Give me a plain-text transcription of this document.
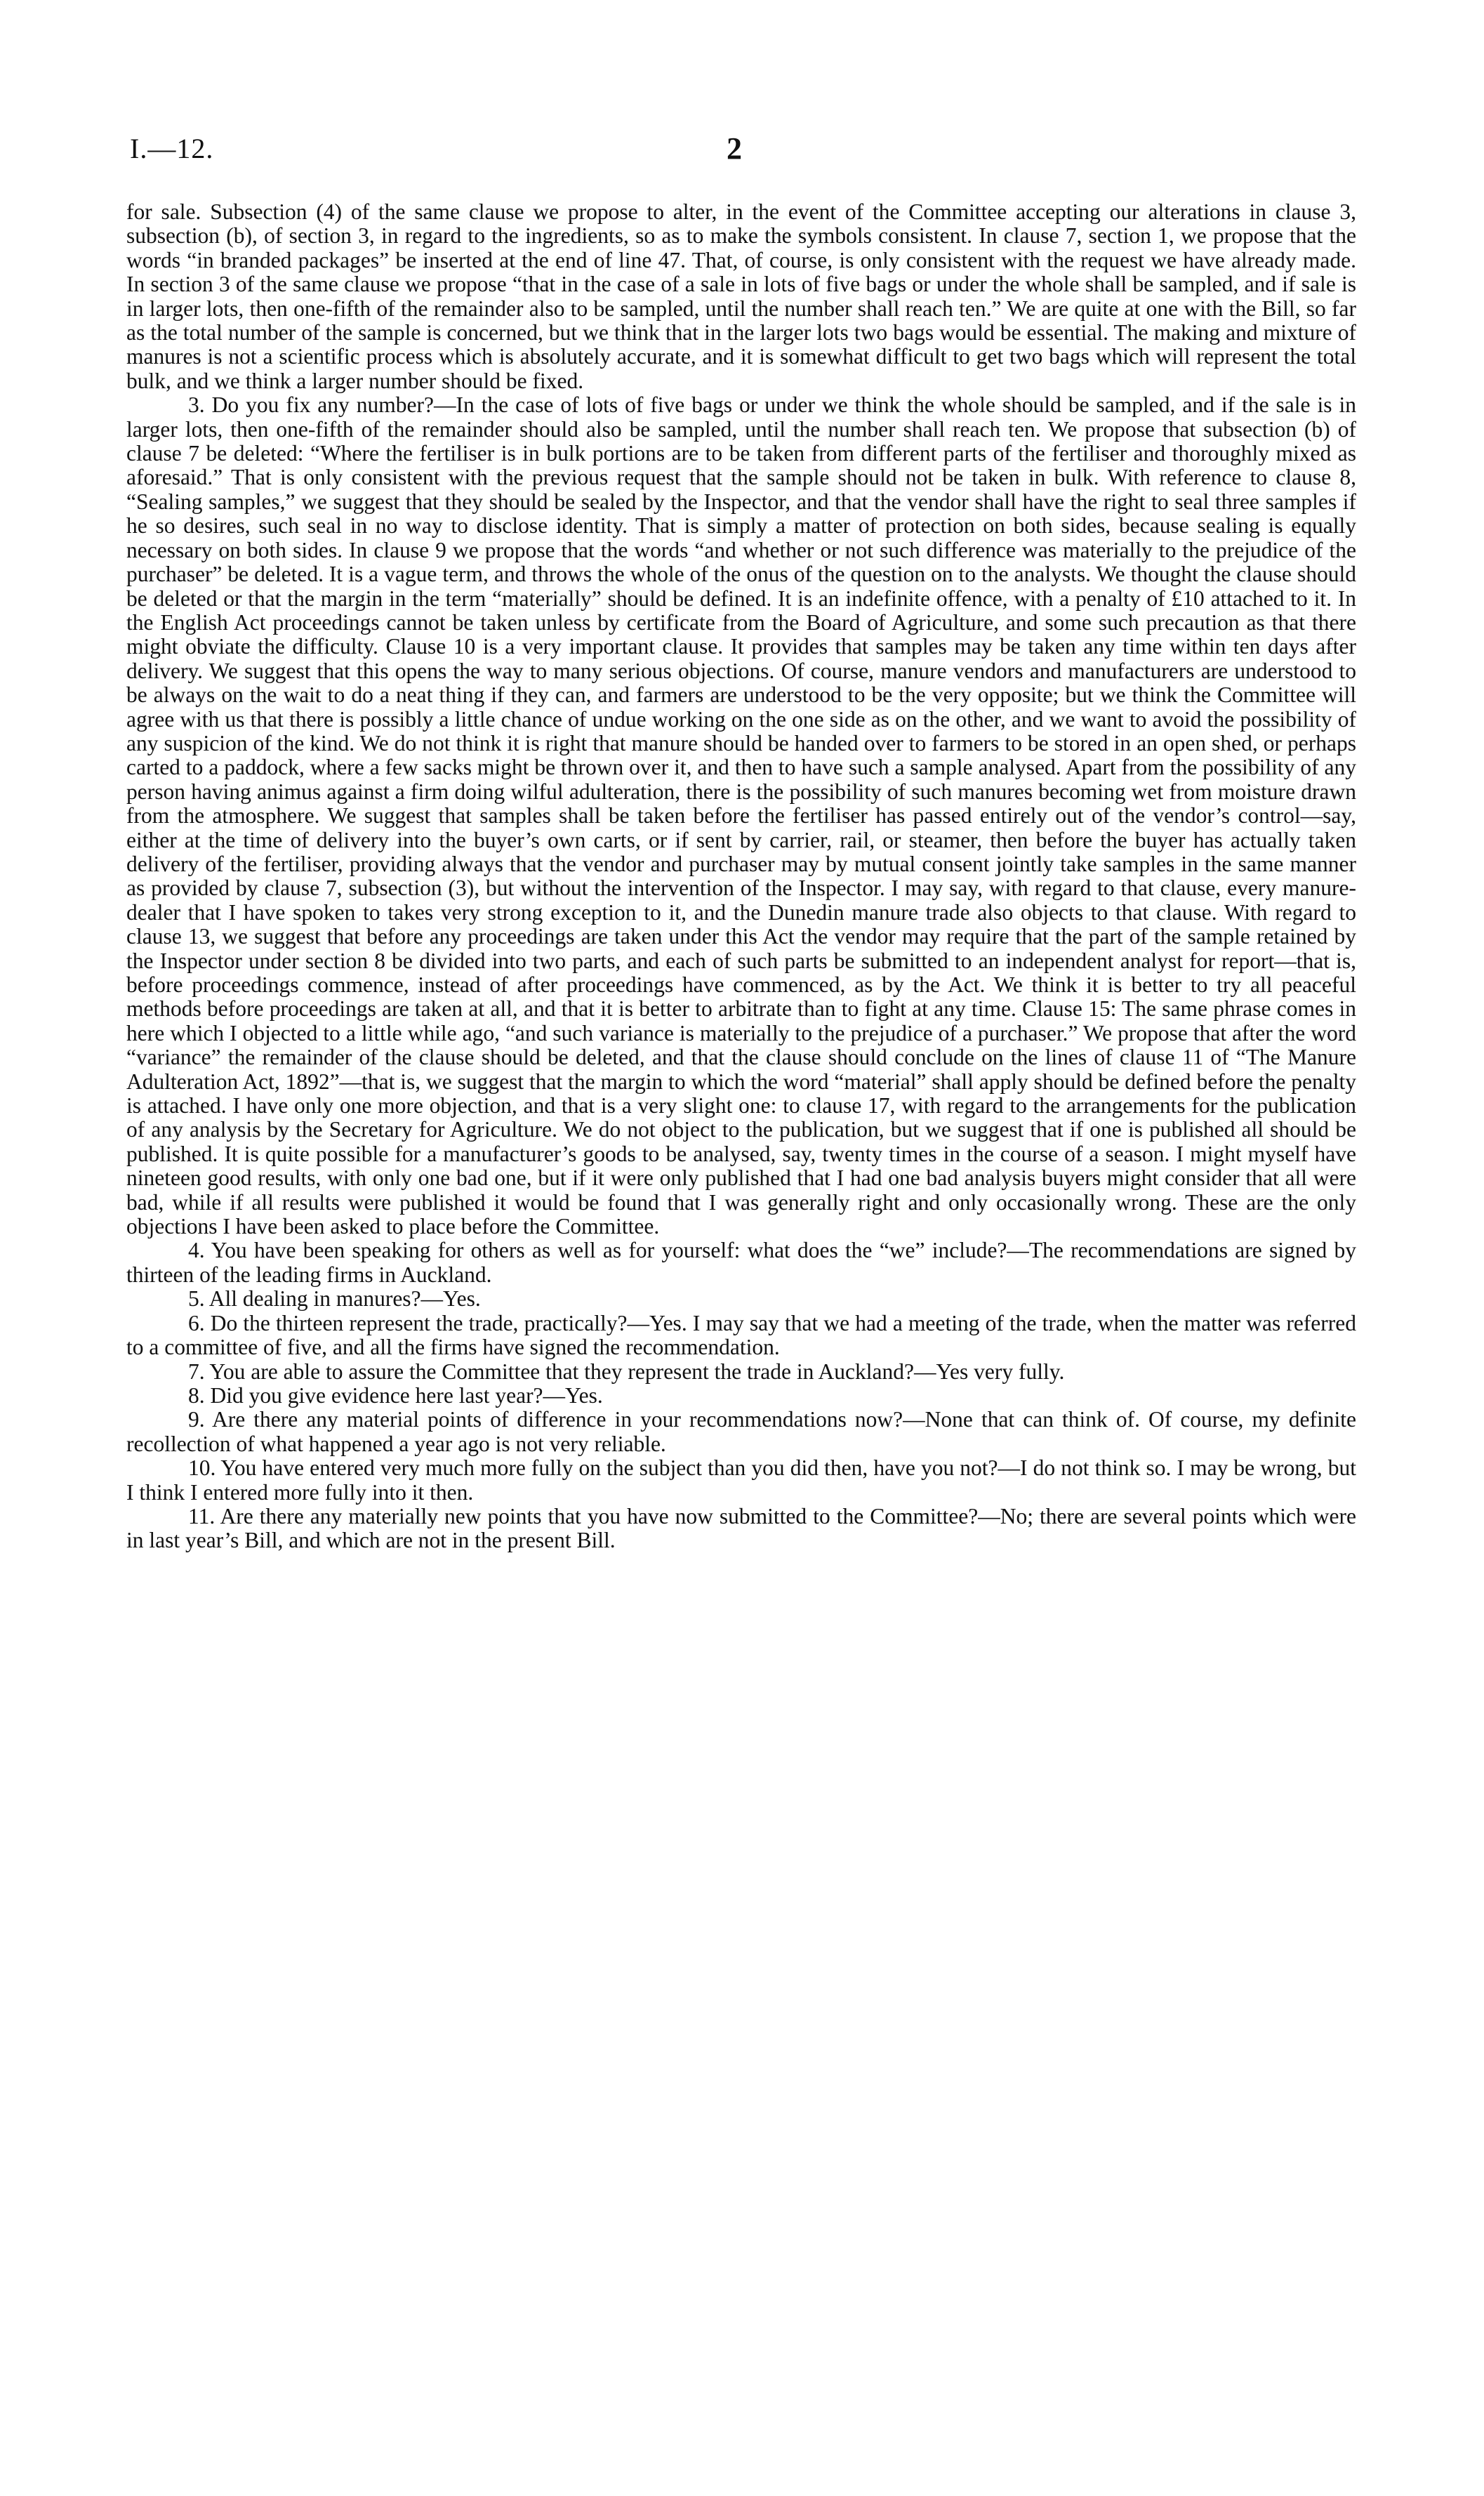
I.—12.	2

for sale. Subsection (4) of the same clause we propose to alter, in the event of the Committee accepting our alterations in clause 3, subsection (b), of section 3, in regard to the ingredients, so as to make the symbols consistent. In clause 7, section 1, we propose that the words “in branded packages” be inserted at the end of line 47. That, of course, is only consistent with the request we have already made. In section 3 of the same clause we propose “that in the case of a sale in lots of five bags or under the whole shall be sampled, and if sale is in larger lots, then one-fifth of the remainder also to be sampled, until the number shall reach ten.” We are quite at one with the Bill, so far as the total number of the sample is concerned, but we think that in the larger lots two bags would be essential. The making and mixture of manures is not a scientific process which is absolutely accurate, and it is somewhat difficult to get two bags which will represent the total bulk, and we think a larger number should be fixed.

3. Do you fix any number?—In the case of lots of five bags or under we think the whole should be sampled, and if the sale is in larger lots, then one-fifth of the remainder should also be sampled, until the number shall reach ten. We propose that subsection (b) of clause 7 be deleted: “Where the fertiliser is in bulk portions are to be taken from different parts of the fertiliser and thoroughly mixed as aforesaid.” That is only consistent with the previous request that the sample should not be taken in bulk. With reference to clause 8, “Sealing samples,” we suggest that they should be sealed by the Inspector, and that the vendor shall have the right to seal three samples if he so desires, such seal in no way to disclose identity. That is simply a matter of protection on both sides, because sealing is equally necessary on both sides. In clause 9 we propose that the words “and whether or not such difference was materially to the prejudice of the purchaser” be deleted. It is a vague term, and throws the whole of the onus of the question on to the analysts. We thought the clause should be deleted or that the margin in the term “materially” should be defined. It is an indefinite offence, with a penalty of £10 attached to it. In the English Act proceedings cannot be taken unless by certificate from the Board of Agriculture, and some such precaution as that there might obviate the difficulty. Clause 10 is a very important clause. It provides that samples may be taken any time within ten days after delivery. We suggest that this opens the way to many serious objections. Of course, manure vendors and manufacturers are understood to be always on the wait to do a neat thing if they can, and farmers are understood to be the very opposite; but we think the Committee will agree with us that there is possibly a little chance of undue working on the one side as on the other, and we want to avoid the possibility of any suspicion of the kind. We do not think it is right that manure should be handed over to farmers to be stored in an open shed, or perhaps carted to a paddock, where a few sacks might be thrown over it, and then to have such a sample analysed. Apart from the possibility of any person having animus against a firm doing wilful adulteration, there is the possibility of such manures becoming wet from moisture drawn from the atmosphere. We suggest that samples shall be taken before the fertiliser has passed entirely out of the vendor’s control—say, either at the time of delivery into the buyer’s own carts, or if sent by carrier, rail, or steamer, then before the buyer has actually taken delivery of the fertiliser, providing always that the vendor and purchaser may by mutual consent jointly take samples in the same manner as provided by clause 7, subsection (3), but without the intervention of the Inspector. I may say, with regard to that clause, every manure-dealer that I have spoken to takes very strong exception to it, and the Dunedin manure trade also objects to that clause. With regard to clause 13, we suggest that before any proceedings are taken under this Act the vendor may require that the part of the sample retained by the Inspector under section 8 be divided into two parts, and each of such parts be submitted to an independent analyst for report—that is, before proceedings commence, instead of after proceedings have commenced, as by the Act. We think it is better to try all peaceful methods before proceedings are taken at all, and that it is better to arbitrate than to fight at any time. Clause 15: The same phrase comes in here which I objected to a little while ago, “and such variance is materially to the prejudice of a purchaser.” We propose that after the word “variance” the remainder of the clause should be deleted, and that the clause should conclude on the lines of clause 11 of “The Manure Adulteration Act, 1892”—that is, we suggest that the margin to which the word “material” shall apply should be defined before the penalty is attached. I have only one more objection, and that is a very slight one: to clause 17, with regard to the arrangements for the publication of any analysis by the Secretary for Agriculture. We do not object to the publication, but we suggest that if one is published all should be published. It is quite possible for a manufacturer’s goods to be analysed, say, twenty times in the course of a season. I might myself have nineteen good results, with only one bad one, but if it were only published that I had one bad analysis buyers might consider that all were bad, while if all results were published it would be found that I was generally right and only occasionally wrong. These are the only objections I have been asked to place before the Committee.

4. You have been speaking for others as well as for yourself: what does the “we” include?—The recommendations are signed by thirteen of the leading firms in Auckland.

5. All dealing in manures?—Yes.

6. Do the thirteen represent the trade, practically?—Yes. I may say that we had a meeting of the trade, when the matter was referred to a committee of five, and all the firms have signed the recommendation.

7. You are able to assure the Committee that they represent the trade in Auckland?—Yes very fully.

8. Did you give evidence here last year?—Yes.

9. Are there any material points of difference in your recommendations now?—None that can think of. Of course, my definite recollection of what happened a year ago is not very reliable.

10. You have entered very much more fully on the subject than you did then, have you not?—I do not think so. I may be wrong, but I think I entered more fully into it then.

11. Are there any materially new points that you have now submitted to the Committee?—No; there are several points which were in last year’s Bill, and which are not in the present Bill.
